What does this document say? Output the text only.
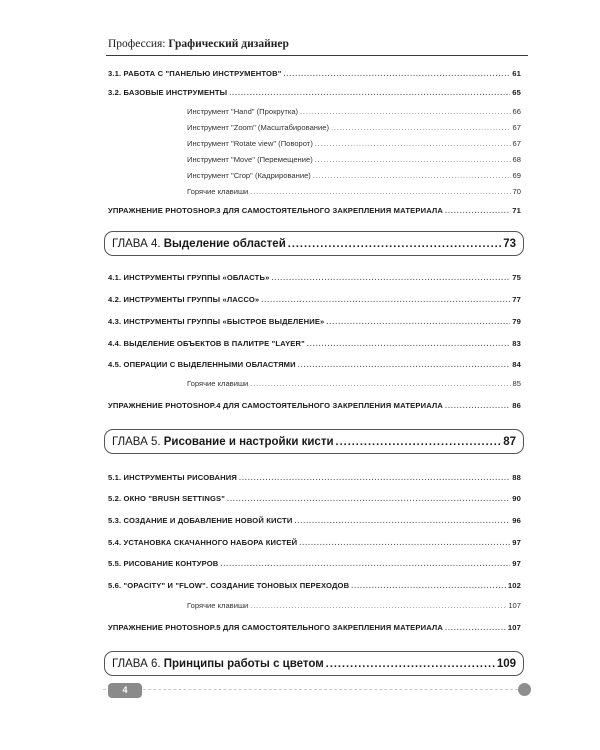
Профессия: Графический дизайнер
3.1. РАБОТА С "ПАНЕЛЬЮ ИНСТРУМЕНТОВ" .....	61
3.2. БАЗОВЫЕ ИНСТРУМЕНТЫ .....	65
Инструмент "Hand" (Прокрутка) .....	66
Инструмент "Zoom" (Масштабирование) .....	67
Инструмент "Rotate view" (Поворот) .....	67
Инструмент "Move" (Перемещение) .....	68
Инструмент "Crop" (Кадрирование) .....	69
Горячие клавиши .....	70
УПРАЖНЕНИЕ PHOTOSHOP.3 ДЛЯ САМОСТОЯТЕЛЬНОГО ЗАКРЕПЛЕНИЯ МАТЕРИАЛА .....	71
ГЛАВА 4. Выделение областей .....	73
4.1. ИНСТРУМЕНТЫ ГРУППЫ «ОБЛАСТЬ» .....	75
4.2. ИНСТРУМЕНТЫ ГРУППЫ «ЛАССО» .....	77
4.3. ИНСТРУМЕНТЫ ГРУППЫ «БЫСТРОЕ ВЫДЕЛЕНИЕ» .....	79
4.4. ВЫДЕЛЕНИЕ ОБЪЕКТОВ В ПАЛИТРЕ "LAYER" .....	83
4.5. ОПЕРАЦИИ С ВЫДЕЛЕННЫМИ ОБЛАСТЯМИ .....	84
Горячие клавиши .....	85
УПРАЖНЕНИЕ PHOTOSHOP.4 ДЛЯ САМОСТОЯТЕЛЬНОГО ЗАКРЕПЛЕНИЯ МАТЕРИАЛА .....	86
ГЛАВА 5. Рисование и настройки кисти .....	87
5.1. ИНСТРУМЕНТЫ РИСОВАНИЯ .....	88
5.2. ОКНО "BRUSH SETTINGS" .....	90
5.3. СОЗДАНИЕ И ДОБАВЛЕНИЕ НОВОЙ КИСТИ .....	96
5.4. УСТАНОВКА СКАЧАННОГО НАБОРА КИСТЕЙ .....	97
5.5. РИСОВАНИЕ КОНТУРОВ .....	97
5.6. "OPACITY" И "FLOW". СОЗДАНИЕ ТОНОВЫХ ПЕРЕХОДОВ .....	102
Горячие клавиши .....	107
УПРАЖНЕНИЕ PHOTOSHOP.5 ДЛЯ САМОСТОЯТЕЛЬНОГО ЗАКРЕПЛЕНИЯ МАТЕРИАЛА .....	107
ГЛАВА 6. Принципы работы с цветом .....	109
4
